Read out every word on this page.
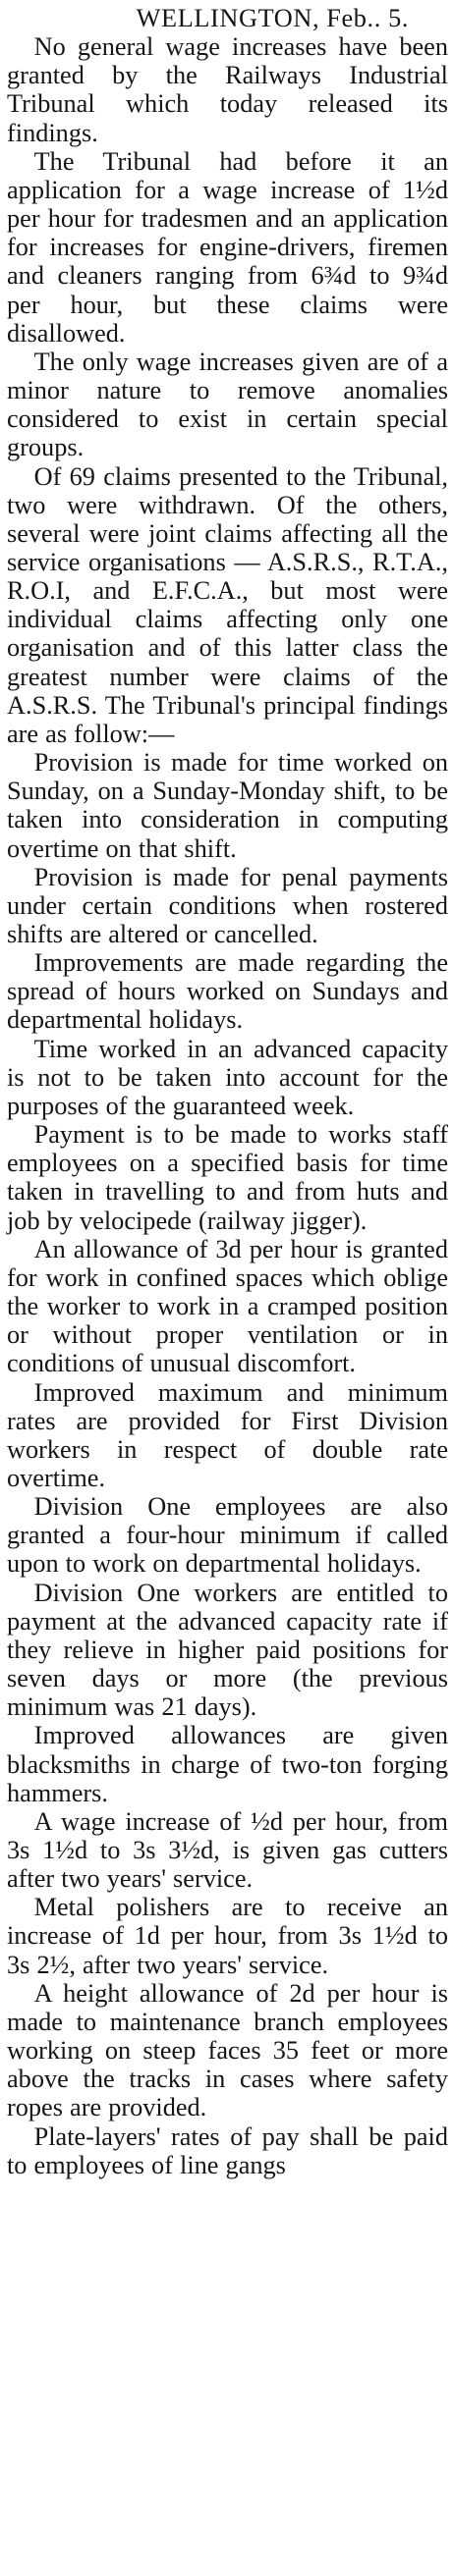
WELLINGTON, Feb.. 5.

No general wage increases have been granted by the Railways Industrial Tribunal which today released its findings.

The Tribunal had before it an application for a wage increase of 1½d per hour for tradesmen and an application for increases for engine-drivers, firemen and cleaners ranging from 6¾d to 9¾d per hour, but these claims were disallowed.

The only wage increases given are of a minor nature to remove anomalies considered to exist in certain special groups.

Of 69 claims presented to the Tribunal, two were withdrawn. Of the others, several were joint claims affecting all the service organisations — A.S.R.S., R.T.A., R.O.I, and E.F.C.A., but most were individual claims affecting only one organisation and of this latter class the greatest number were claims of the A.S.R.S. The Tribunal's principal findings are as follow:—

Provision is made for time worked on Sunday, on a Sunday-Monday shift, to be taken into consideration in computing overtime on that shift.

Provision is made for penal payments under certain conditions when rostered shifts are altered or cancelled.

Improvements are made regarding the spread of hours worked on Sundays and departmental holidays.

Time worked in an advanced capacity is not to be taken into account for the purposes of the guaranteed week.

Payment is to be made to works staff employees on a specified basis for time taken in travelling to and from huts and job by velocipede (railway jigger).

An allowance of 3d per hour is granted for work in confined spaces which oblige the worker to work in a cramped position or without proper ventilation or in conditions of unusual discomfort.

Improved maximum and minimum rates are provided for First Division workers in respect of double rate overtime.

Division One employees are also granted a four-hour minimum if called upon to work on departmental holidays.

Division One workers are entitled to payment at the advanced capacity rate if they relieve in higher paid positions for seven days or more (the previous minimum was 21 days).

Improved allowances are given blacksmiths in charge of two-ton forging hammers.

A wage increase of ½d per hour, from 3s 1½d to 3s 3½d, is given gas cutters after two years' service.

Metal polishers are to receive an increase of 1d per hour, from 3s 1½d to 3s 2½, after two years' service.

A height allowance of 2d per hour is made to maintenance branch employees working on steep faces 35 feet or more above the tracks in cases where safety ropes are provided.

Plate-layers' rates of pay shall be paid to employees of line gangs
